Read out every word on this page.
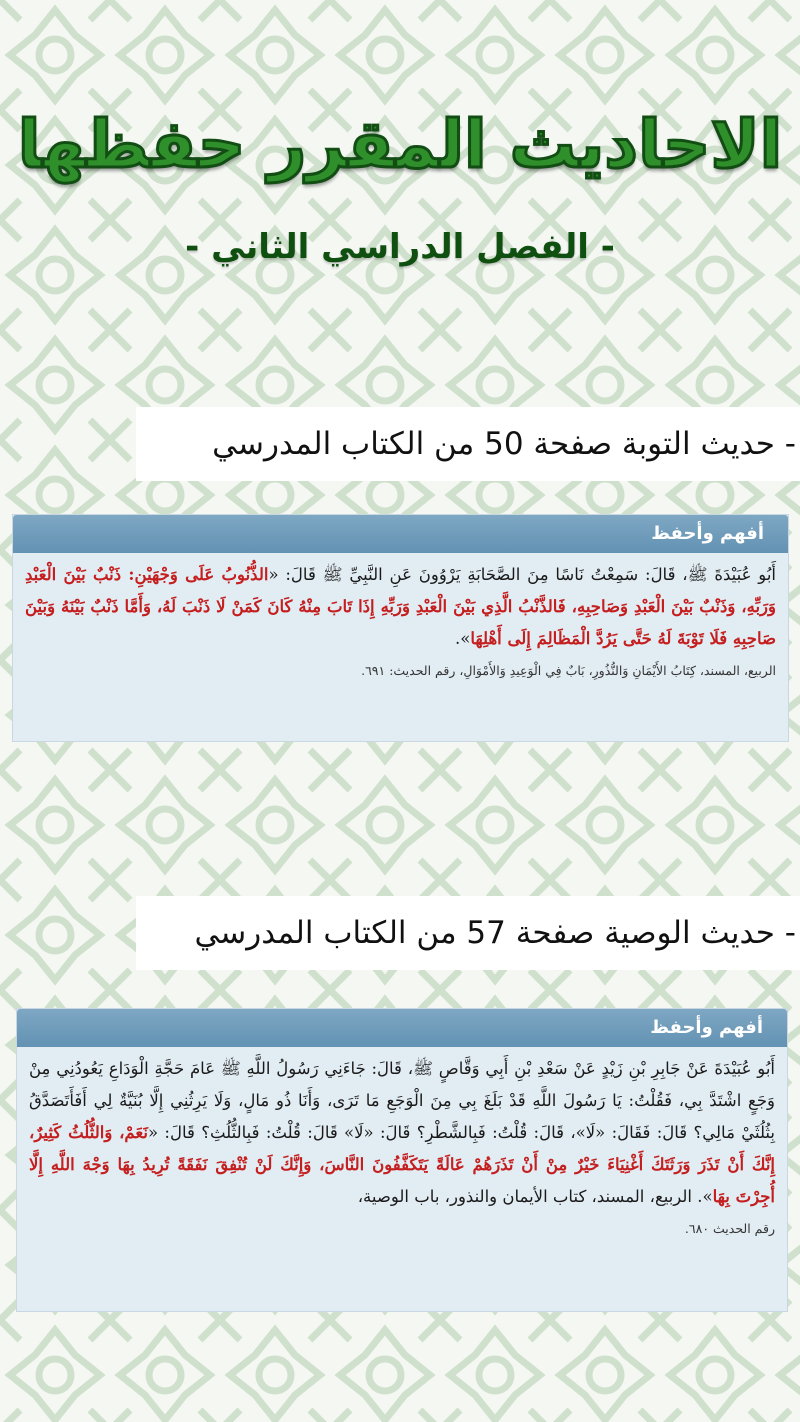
الاحاديث المقرر حفظها
- الفصل الدراسي الثاني -
- حديث التوبة صفحة 50 من الكتاب المدرسي
أفهم وأحفظ
أَبُو عُبَيْدَةَ ﷺ، قَالَ: سَمِعْتُ نَاسًا مِنَ الصَّحَابَةِ يَرْوُونَ عَنِ النَّبِيِّ ﷺ قَالَ: «الذُّنُوبُ عَلَى وَجْهَيْنِ: ذَنْبٌ بَيْنَ الْعَبْدِ وَرَبِّهِ، وَذَنْبٌ بَيْنَ الْعَبْدِ وَصَاحِبِهِ، فَالذَّنْبُ الَّذِي بَيْنَ الْعَبْدِ وَرَبِّهِ إِذَا تَابَ مِنْهُ كَانَ كَمَنْ لَا ذَنْبَ لَهُ، وَأَمَّا ذَنْبٌ بَيْنَهُ وَبَيْنَ صَاحِبِهِ فَلَا تَوْبَةَ لَهُ حَتَّى يَرُدَّ الْمَظَالِمَ إِلَى أَهْلِهَا».
الربيع، المسند، كِتَابُ الأَيْمَانِ وَالنُّذُورِ، بَابٌ فِي الْوَعِيدِ وَالأَمْوَالِ، رقم الحديث: ٦٩١.
- حديث الوصية صفحة 57 من الكتاب المدرسي
أفهم وأحفظ
أَبُو عُبَيْدَةَ عَنْ جَابِرِ بْنِ زَيْدٍ عَنْ سَعْدِ بْنِ أَبِي وَقَّاصٍ ﷺ، قَالَ: جَاءَنِي رَسُولُ اللَّهِ ﷺ عَامَ حَجَّةِ الْوَدَاعِ يَعُودُنِي مِنْ وَجَعٍ اشْتَدَّ بِي، فَقُلْتُ: يَا رَسُولَ اللَّهِ قَدْ بَلَغَ بِي مِنَ الْوَجَعِ مَا تَرَى، وَأَنَا ذُو مَالٍ، وَلَا يَرِثُنِي إِلَّا بُنَيَّةٌ لِي أَفَأَتَصَدَّقُ بِثُلُثَيْ مَالِي؟ قَالَ: فَقَالَ: «لَا»، قَالَ: قُلْتُ: فَبِالشَّطْرِ؟ قَالَ: «لَا» قَالَ: قُلْتُ: فَبِالثُّلُثِ؟ قَالَ: «نَعَمْ، وَالثُّلُثُ كَثِيرٌ، إِنَّكَ أَنْ تَذَرَ وَرَثَتَكَ أَغْنِيَاءَ خَيْرٌ مِنْ أَنْ تَذَرَهُمْ عَالَةً يَتَكَفَّفُونَ النَّاسَ، وَإِنَّكَ لَنْ تُنْفِقَ نَفَقَةً تُرِيدُ بِهَا وَجْهَ اللَّهِ إِلَّا أُجِرْتَ بِهَا». الربيع، المسند، كتاب الأيمان والنذور، باب الوصية،
رقم الحديث ٦٨٠.
